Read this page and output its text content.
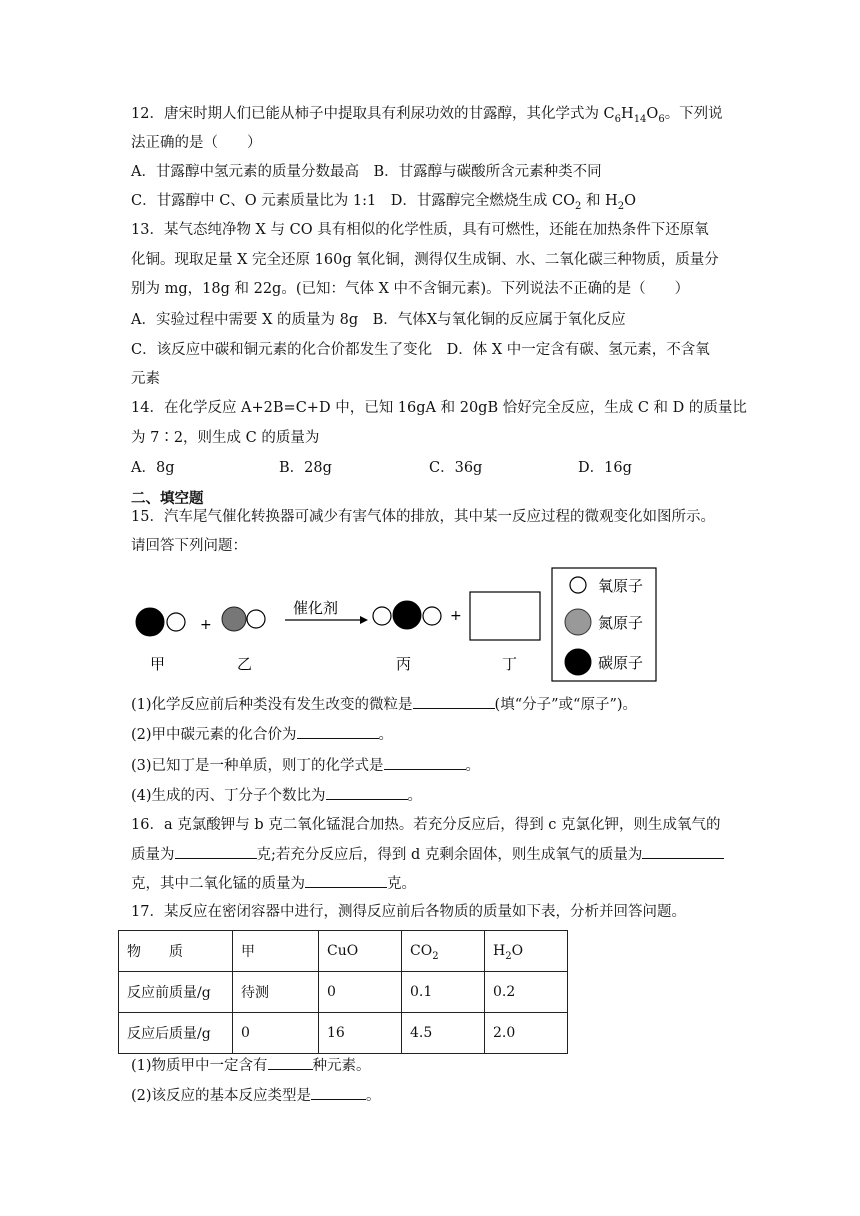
12．唐宋时期人们已能从柿子中提取具有利尿功效的甘露醇，其化学式为 $C_6H_{14}O_6$。下列说
法正确的是（　　）
A．甘露醇中氢元素的质量分数最高　B．甘露醇与碳酸所含元素种类不同
C．甘露醇中 C、O 元素质量比为 1:1　D．甘露醇完全燃烧生成 $CO_2$ 和 $H_2O$
13．某气态纯净物 X 与 CO 具有相似的化学性质，具有可燃性，还能在加热条件下还原氧
化铜。现取足量 X 完全还原 160g 氧化铜，测得仅生成铜、水、二氧化碳三种物质，质量分
别为 mg，18g 和 22g。(已知：气体 X 中不含铜元素)。下列说法不正确的是（　　）
A．实验过程中需要 X 的质量为 8g　B．气体X与氧化铜的反应属于氧化反应
C．该反应中碳和铜元素的化合价都发生了变化　D．体 X 中一定含有碳、氢元素，不含氧
元素
14．在化学反应 A+2B=C+D 中，已知 16gA 和 20gB 恰好完全反应，生成 C 和 D 的质量比
为 7∶2，则生成 C 的质量为
A．8g	B．28g	C．36g	D．16g
二、填空题
15．汽车尾气催化转换器可减少有害气体的排放，其中某一反应过程的微观变化如图所示。
请回答下列问题：
+
催化剂	+
甲	乙	丙	丁
氧原子
氮原子
碳原子
(1)化学反应前后种类没有发生改变的微粒是	(填“分子”或“原子”)。
(2)甲中碳元素的化合价为	。
(3)已知丁是一种单质，则丁的化学式是	。
(4)生成的丙、丁分子个数比为	。
16．a 克氯酸钾与 b 克二氧化锰混合加热。若充分反应后，得到 c 克氯化钾，则生成氧气的
质量为	克;若充分反应后，得到 d 克剩余固体，则生成氧气的质量为
克，其中二氧化锰的质量为	克。
17．某反应在密闭容器中进行，测得反应前后各物质的质量如下表，分析并回答问题。
物　　质	甲	CuO	$CO_2$	$H_2O$
反应前质量/g	待测	0	0.1	0.2
反应后质量/g	0	16	4.5	2.0
(1)物质甲中一定含有	种元素。
(2)该反应的基本反应类型是	。
